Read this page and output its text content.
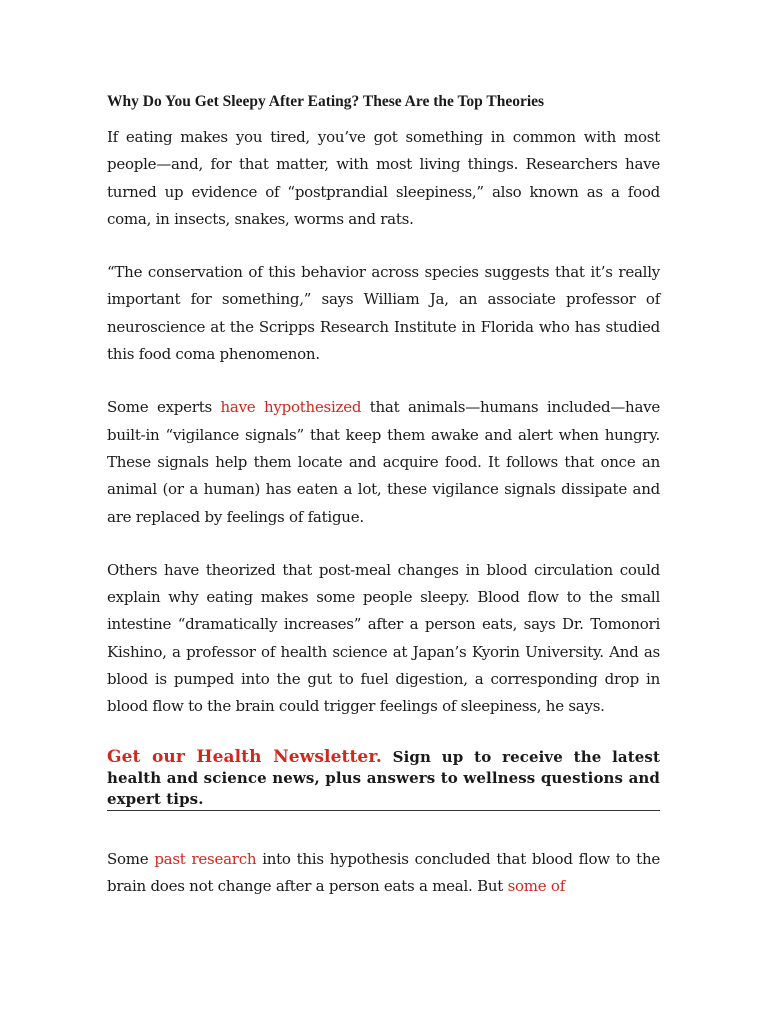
Why Do You Get Sleepy After Eating? These Are the Top Theories

If eating makes you tired, you’ve got something in common with most people—and, for that matter, with most living things. Researchers have turned up evidence of “postprandial sleepiness,” also known as a food coma, in insects, snakes, worms and rats.

“The conservation of this behavior across species suggests that it’s really important for something,” says William Ja, an associate professor of neuroscience at the Scripps Research Institute in Florida who has studied this food coma phenomenon.

Some experts have hypothesized that animals—humans included—have built-in “vigilance signals” that keep them awake and alert when hungry. These signals help them locate and acquire food. It follows that once an animal (or a human) has eaten a lot, these vigilance signals dissipate and are replaced by feelings of fatigue.

Others have theorized that post-meal changes in blood circulation could explain why eating makes some people sleepy. Blood flow to the small intestine “dramatically increases” after a person eats, says Dr. Tomonori Kishino, a professor of health science at Japan’s Kyorin University. And as blood is pumped into the gut to fuel digestion, a corresponding drop in blood flow to the brain could trigger feelings of sleepiness, he says.

Get our Health Newsletter. Sign up to receive the latest health and science news, plus answers to wellness questions and expert tips.

Some past research into this hypothesis concluded that blood flow to the brain does not change after a person eats a meal. But some of
